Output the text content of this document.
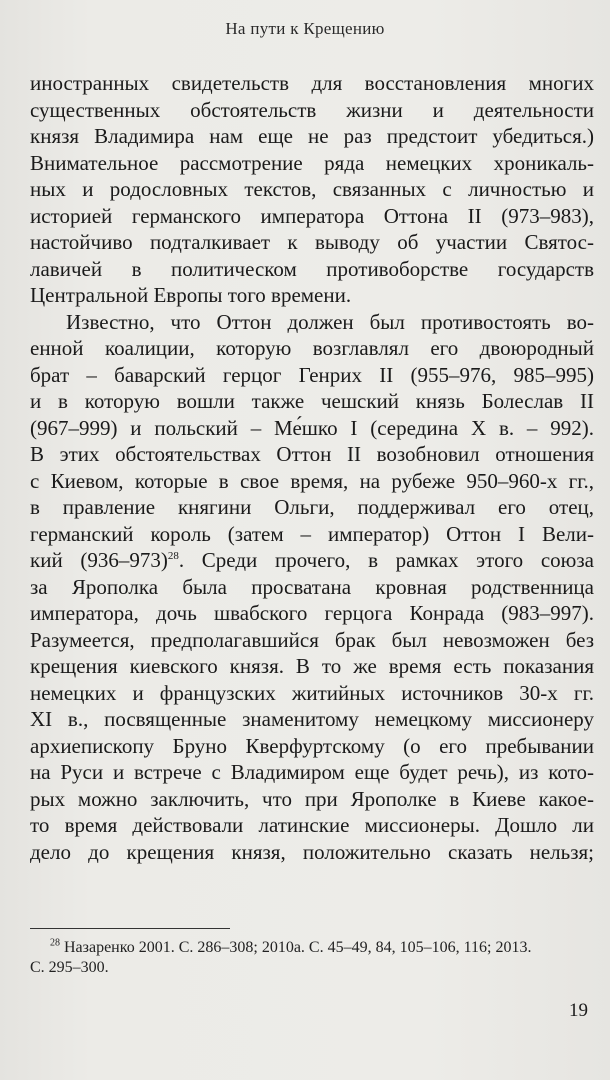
На пути к Крещению
иностранных свидетельств для восстановления многих
существенных обстоятельств жизни и деятельности
князя Владимира нам еще не раз предстоит убедиться.)
Внимательное рассмотрение ряда немецких хроникаль-
ных и родословных текстов, связанных с личностью и
историей германского императора Оттона II (973–983),
настойчиво подталкивает к выводу об участии Святос-
лавичей в политическом противоборстве государств
Центральной Европы того времени.
Известно, что Оттон должен был противостоять во-
енной коалиции, которую возглавлял его двоюродный
брат – баварский герцог Генрих II (955–976, 985–995)
и в которую вошли также чешский князь Болеслав II
(967–999) и польский – Ме́шко I (середина X в. – 992).
В этих обстоятельствах Оттон II возобновил отношения
с Киевом, которые в свое время, на рубеже 950–960-х гг.,
в правление княгини Ольги, поддерживал его отец,
германский король (затем – император) Оттон I Вели-
кий $(936-973)^{28}$. Среди прочего, в рамках этого союза
за Ярополка была просватана кровная родственница
императора, дочь швабского герцога Конрада (983–997).
Разумеется, предполагавшийся брак был невозможен без
крещения киевского князя. В то же время есть показания
немецких и французских житийных источников 30-х гг.
XI в., посвященные знаменитому немецкому миссионеру
архиепископу Бруно Кверфуртскому (о его пребывании
на Руси и встрече с Владимиром еще будет речь), из кото-
рых можно заключить, что при Ярополке в Киеве какое-
то время действовали латинские миссионеры. Дошло ли
дело до крещения князя, положительно сказать нельзя;
$^{28}$ Назаренко 2001. С. 286–308; 2010а. С. 45–49, 84, 105–106, 116; 2013.
С. 295–300.
19
